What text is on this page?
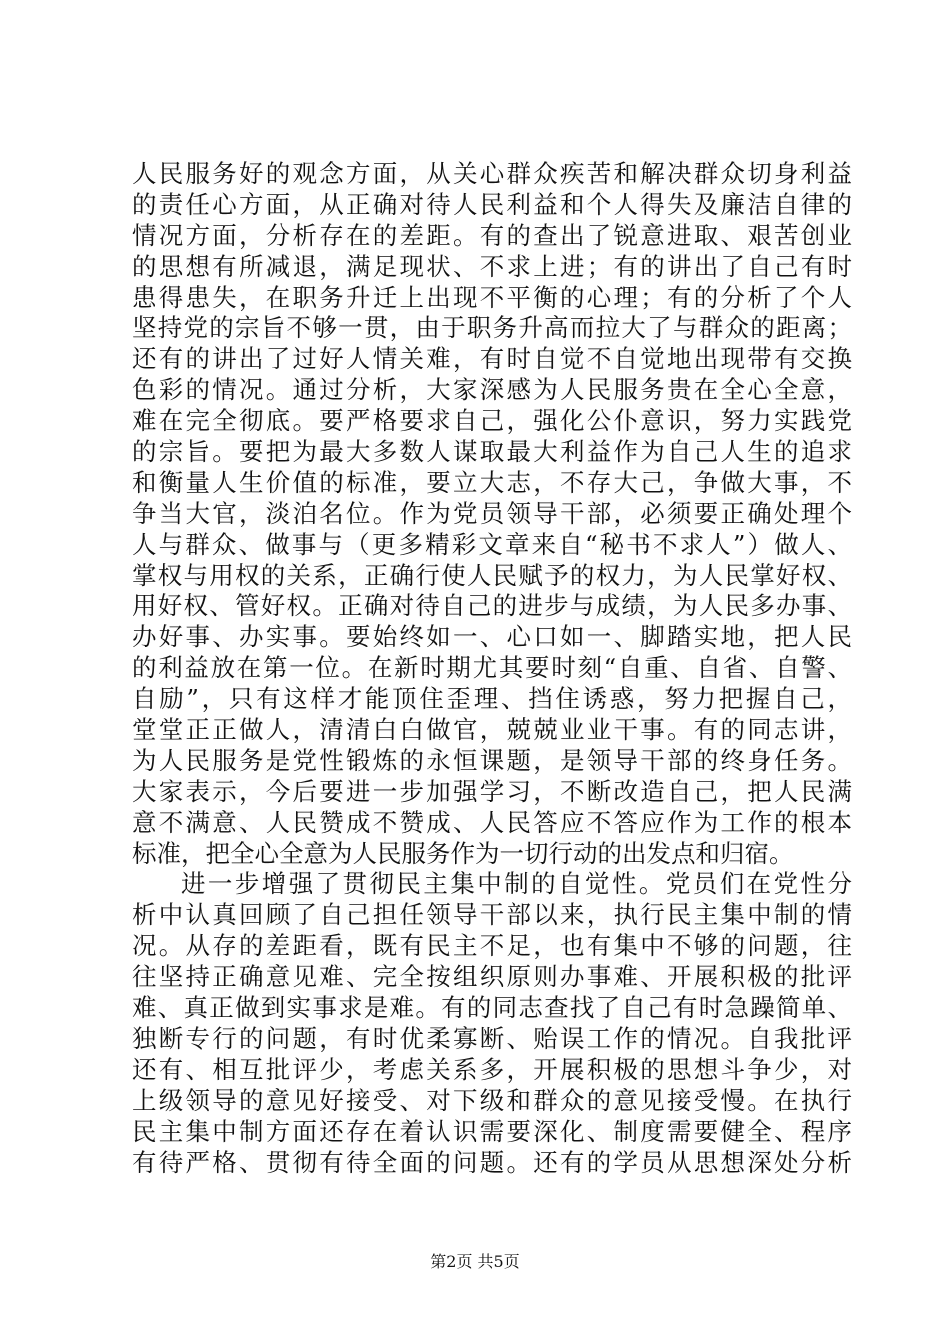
人民服务好的观念方面，从关心群众疾苦和解决群众切身利益
的责任心方面，从正确对待人民利益和个人得失及廉洁自律的
情况方面，分析存在的差距。有的查出了锐意进取、艰苦创业
的思想有所减退，满足现状、不求上进；有的讲出了自己有时
患得患失，在职务升迁上出现不平衡的心理；有的分析了个人
坚持党的宗旨不够一贯，由于职务升高而拉大了与群众的距离；
还有的讲出了过好人情关难，有时自觉不自觉地出现带有交换
色彩的情况。通过分析，大家深感为人民服务贵在全心全意，
难在完全彻底。要严格要求自己，强化公仆意识，努力实践党
的宗旨。要把为最大多数人谋取最大利益作为自己人生的追求
和衡量人生价值的标准，要立大志，不存大己，争做大事，不
争当大官，淡泊名位。作为党员领导干部，必须要正确处理个
人与群众、做事与（更多精彩文章来自“秘书不求人”）做人、
掌权与用权的关系，正确行使人民赋予的权力，为人民掌好权、
用好权、管好权。正确对待自己的进步与成绩，为人民多办事、
办好事、办实事。要始终如一、心口如一、脚踏实地，把人民
的利益放在第一位。在新时期尤其要时刻“自重、自省、自警、
自励”，只有这样才能顶住歪理、挡住诱惑，努力把握自己，
堂堂正正做人，清清白白做官，兢兢业业干事。有的同志讲，
为人民服务是党性锻炼的永恒课题，是领导干部的终身任务。
大家表示，今后要进一步加强学习，不断改造自己，把人民满
意不满意、人民赞成不赞成、人民答应不答应作为工作的根本
标准，把全心全意为人民服务作为一切行动的出发点和归宿。
进一步增强了贯彻民主集中制的自觉性。党员们在党性分
析中认真回顾了自己担任领导干部以来，执行民主集中制的情
况。从存的差距看，既有民主不足，也有集中不够的问题，往
往坚持正确意见难、完全按组织原则办事难、开展积极的批评
难、真正做到实事求是难。有的同志查找了自己有时急躁简单、
独断专行的问题，有时优柔寡断、贻误工作的情况。自我批评
还有、相互批评少，考虑关系多，开展积极的思想斗争少，对
上级领导的意见好接受、对下级和群众的意见接受慢。在执行
民主集中制方面还存在着认识需要深化、制度需要健全、程序
有待严格、贯彻有待全面的问题。还有的学员从思想深处分析
第2页 共5页
